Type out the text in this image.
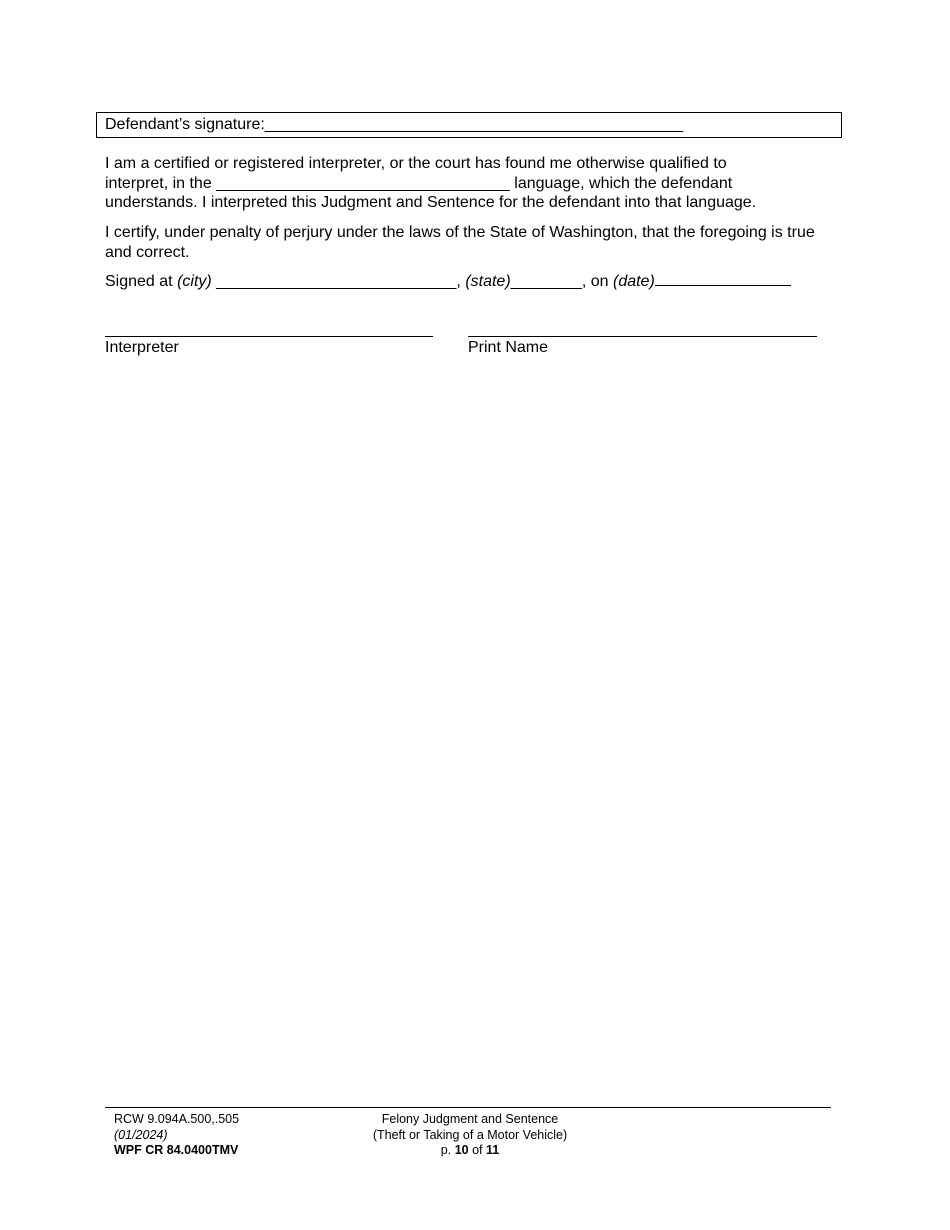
Defendant’s signature:_______________________________________________
I am a certified or registered interpreter, or the court has found me otherwise qualified to
interpret, in the _________________________________ language, which the defendant
understands. I interpreted this Judgment and Sentence for the defendant into that language.
I certify, under penalty of perjury under the laws of the State of Washington, that the foregoing is true and correct.
Signed at (city) ___________________________, (state)________, on (date)
Interpreter	Print Name
RCW 9.094A.500,.505
(01/2024)
WPF CR 84.0400TMV
Felony Judgment and Sentence
(Theft or Taking of a Motor Vehicle)
p. 10 of 11
